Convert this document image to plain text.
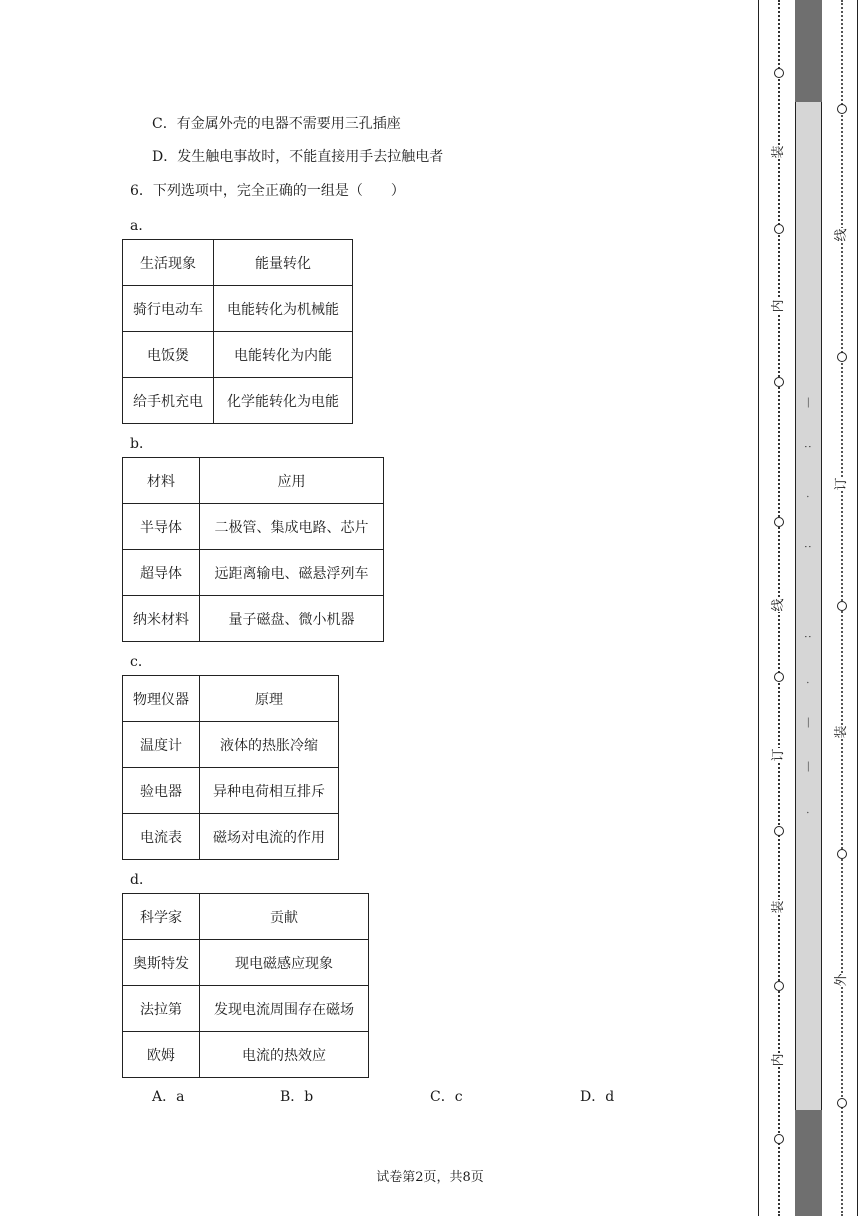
C．有金属外壳的电器不需要用三孔插座
D．发生触电事故时，不能直接用手去拉触电者
6．下列选项中，完全正确的一组是（　　）
a．
生活现象	能量转化
骑行电动车	电能转化为机械能
电饭煲	电能转化为内能
给手机充电	化学能转化为电能
b．
材料	应用
半导体	二极管、集成电路、芯片
超导体	远距离输电、磁悬浮列车
纳米材料	量子磁盘、微小机器
c．
物理仪器	原理
温度计	液体的热胀冷缩
验电器	异种电荷相互排斥
电流表	磁场对电流的作用
d．
科学家	贡献
奥斯特发	现电磁感应现象
法拉第	发现电流周围存在磁场
欧姆	电流的热效应
A．a	B．b	C．c	D．d
试卷第2页，共8页
装
内
线
订
装
内
—
∶
·
∶
∶
·
—
—
·
线
订
装
外
